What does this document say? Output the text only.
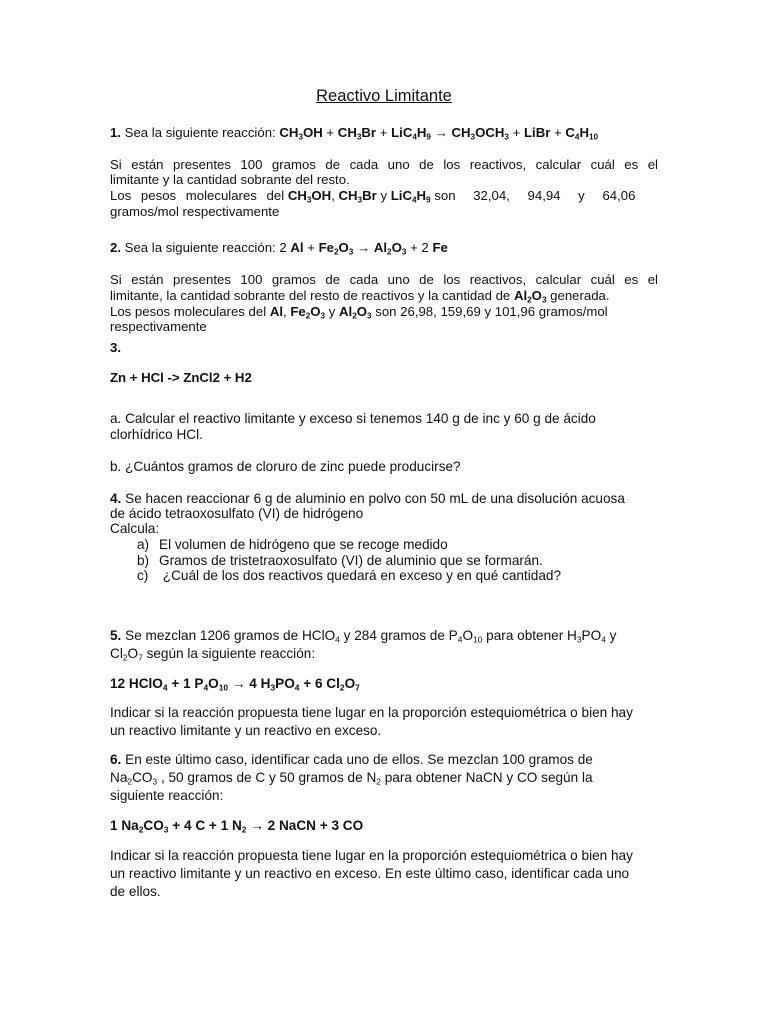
Reactivo Limitante
1. Sea la siguiente reacción: $CH_3OH + CH_3Br + LiC_4H_9 \to CH_3OCH_3$ + LiBr + $C_4H_{10}$
Si están presentes 100 gramos de cada uno de los reactivos, calcular cuál es el
limitante y la cantidad sobrante del resto.
Los pesos moleculares del $CH_3OH$, $CH_3Br$ y $LiC_4H_9$ son 32,04, 94,94 y 64,06
gramos/mol respectivamente
2. Sea la siguiente reacción: 2 $Al + Fe_2O_3 \to Al_2O_3 + 2$ Fe
Si están presentes 100 gramos de cada uno de los reactivos, calcular cuál es el
limitante, la cantidad sobrante del resto de reactivos y la cantidad de $Al_2O_3$ generada.
Los pesos moleculares del Al, $Fe_2O_3$ y $Al_2O_3$ son 26,98, 159,69 y 101,96 gramos/mol
respectivamente
3.
Zn + HCl -> ZnCl2 + H2
a. Calcular el reactivo limitante y exceso si tenemos 140 g de inc y 60 g de ácido
clorhídrico HCl.
b. ¿Cuántos gramos de cloruro de zinc puede producirse?
4. Se hacen reaccionar 6 g de aluminio en polvo con 50 mL de una disolución acuosa
de ácido tetraoxosulfato (VI) de hidrógeno
Calcula:
a) El volumen de hidrógeno que se recoge medido
b) Gramos de tristetraoxosulfato (VI) de aluminio que se formarán.
c) ¿Cuál de los dos reactivos quedará en exceso y en qué cantidad?
5. Se mezclan 1206 gramos de HClO$_4$ y 284 gramos de $P_4O_{10}$ para obtener $H_3PO_4$ y
$Cl_2O_7$ según la siguiente reacción:
12 HClO$_4$ + 1 $P_4O_{10} \to 4$ $H_3PO_4 + 6$ $Cl_2O_7$
Indicar si la reacción propuesta tiene lugar en la proporción estequiométrica o bien hay
un reactivo limitante y un reactivo en exceso.
6. En este último caso, identificar cada uno de ellos. Se mezclan 100 gramos de
$Na_2CO_3$ , 50 gramos de C y 50 gramos de $N_2$ para obtener NaCN y CO según la
siguiente reacción:
1 $Na_2CO_3 + 4$ C + 1 $N_2 \to 2$ NaCN + 3 CO
Indicar si la reacción propuesta tiene lugar en la proporción estequiométrica o bien hay
un reactivo limitante y un reactivo en exceso. En este último caso, identificar cada uno
de ellos.
